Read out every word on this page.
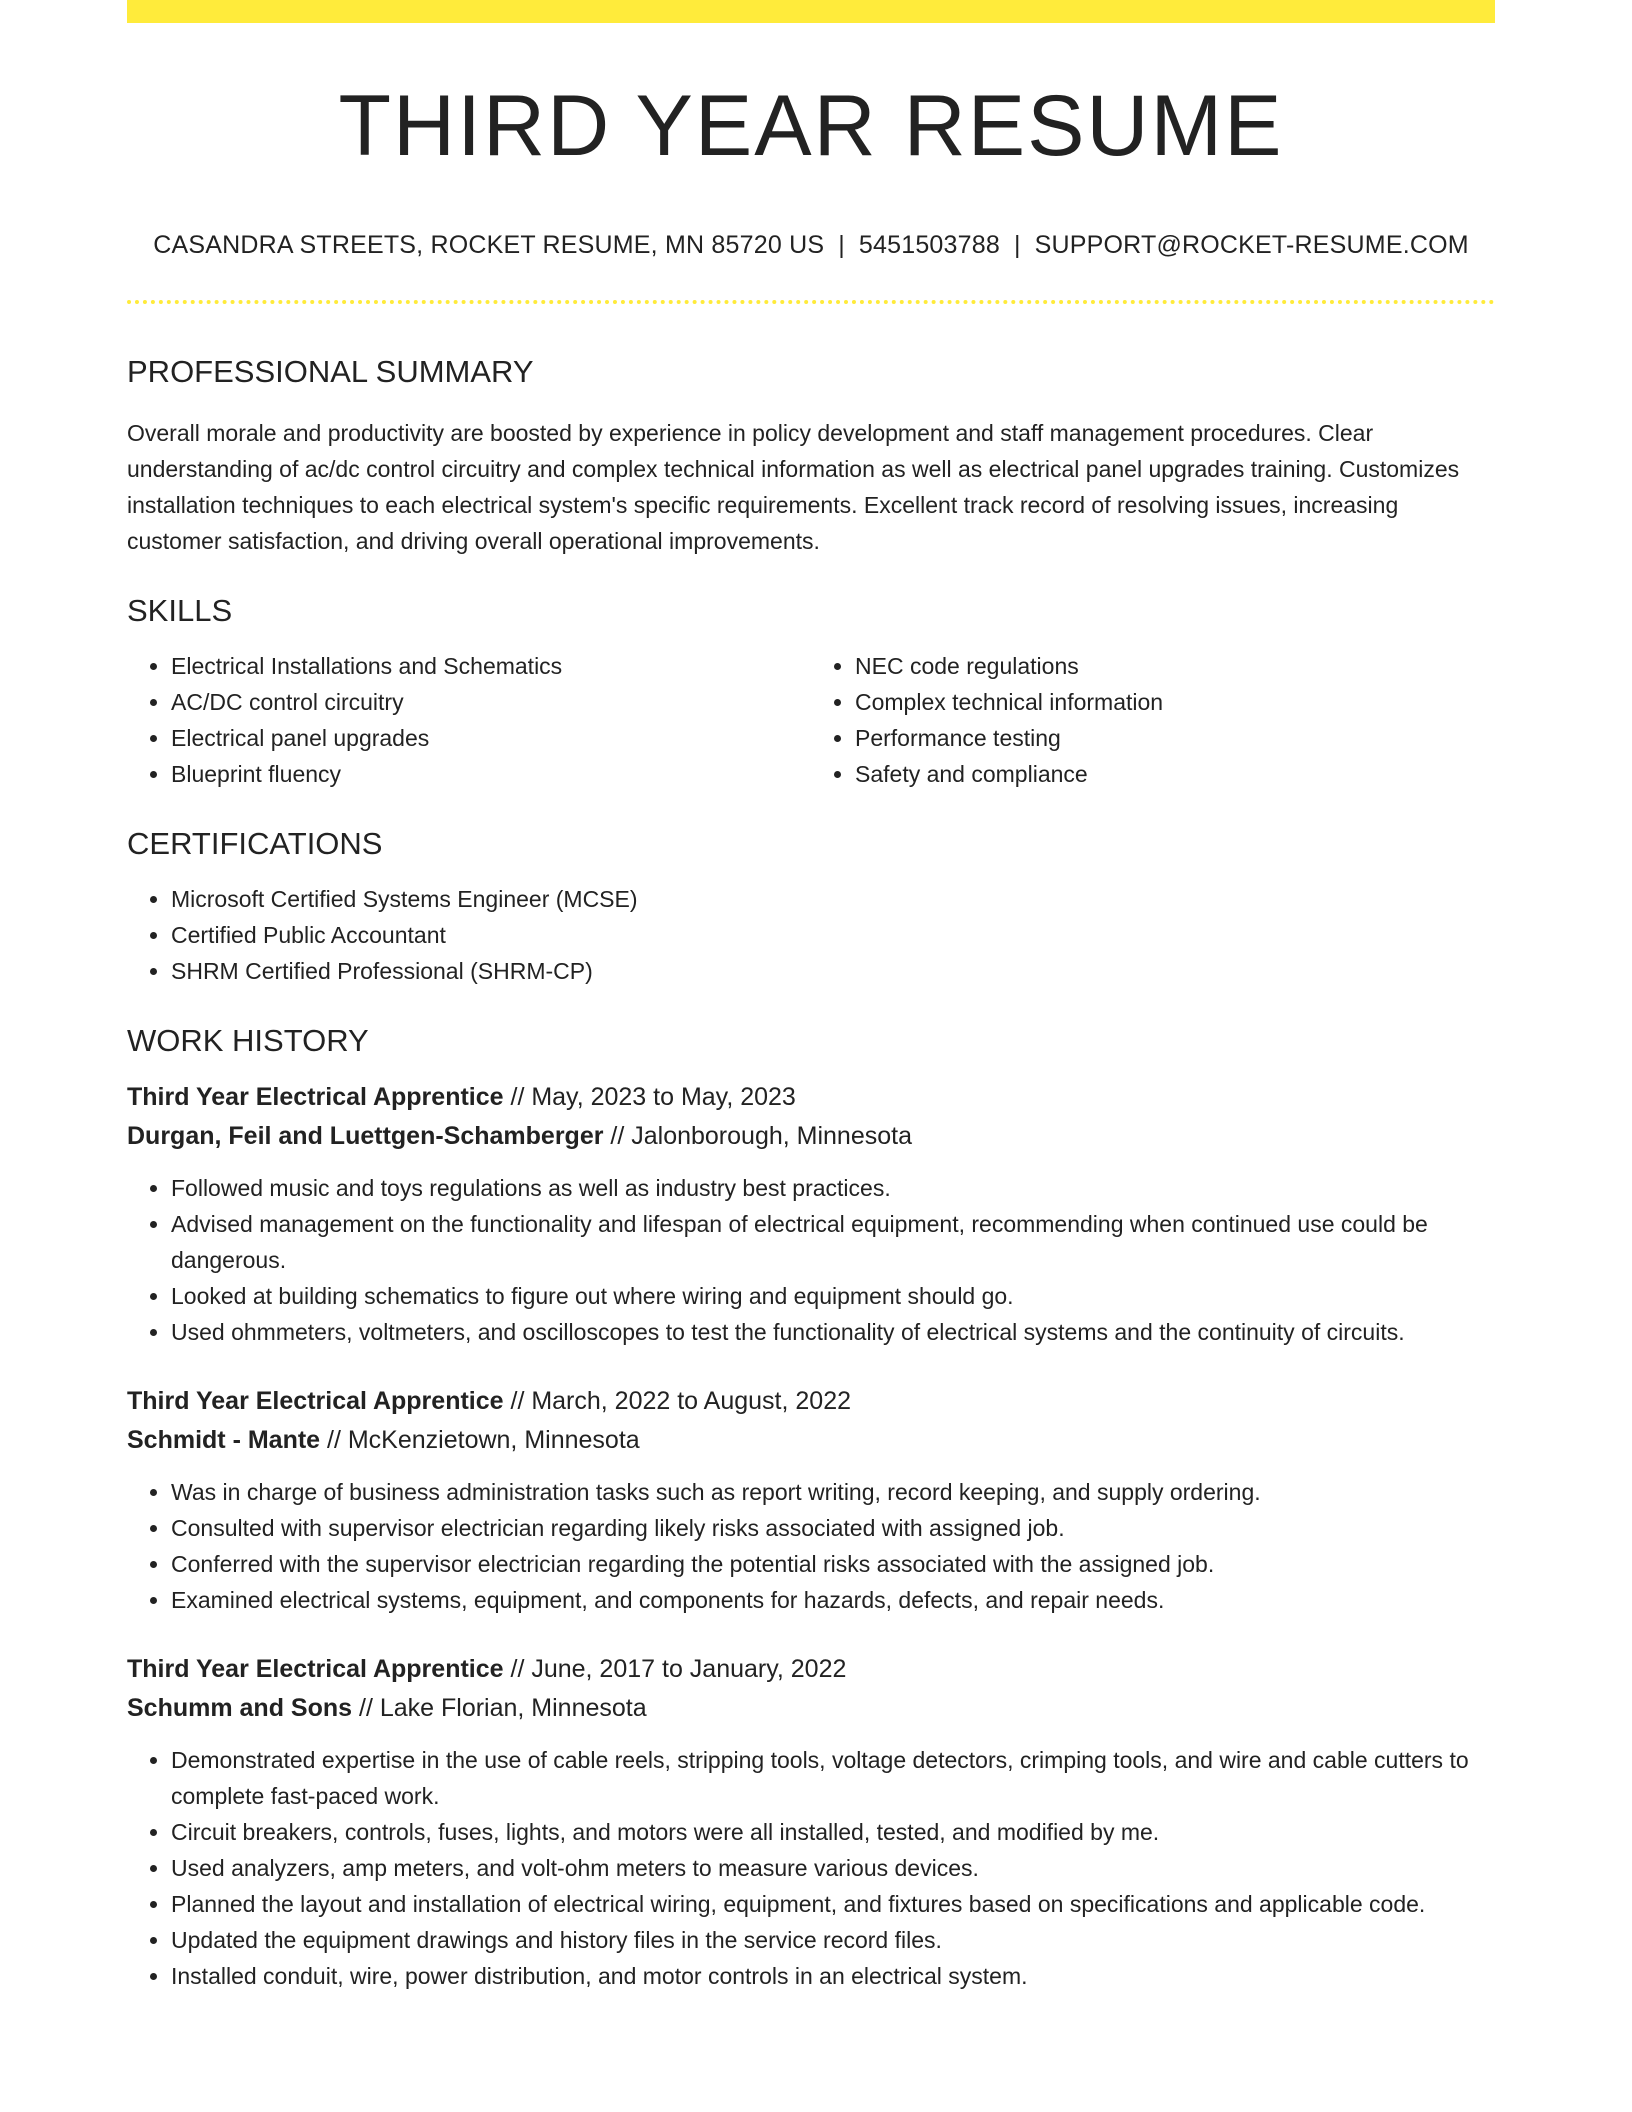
THIRD YEAR RESUME
CASANDRA STREETS, ROCKET RESUME, MN 85720 US | 5451503788 | SUPPORT@ROCKET-RESUME.COM
PROFESSIONAL SUMMARY

Overall morale and productivity are boosted by experience in policy development and staff management procedures. Clear understanding of ac/dc control circuitry and complex technical information as well as electrical panel upgrades training. Customizes installation techniques to each electrical system's specific requirements. Excellent track record of resolving issues, increasing customer satisfaction, and driving overall operational improvements.

SKILLS
• Electrical Installations and Schematics
• AC/DC control circuitry
• Electrical panel upgrades
• Blueprint fluency
• NEC code regulations
• Complex technical information
• Performance testing
• Safety and compliance
CERTIFICATIONS
• Microsoft Certified Systems Engineer (MCSE)
• Certified Public Accountant
• SHRM Certified Professional (SHRM-CP)
WORK HISTORY
Third Year Electrical Apprentice // May, 2023 to May, 2023
Durgan, Feil and Luettgen-Schamberger // Jalonborough, Minnesota
• Followed music and toys regulations as well as industry best practices.
• Advised management on the functionality and lifespan of electrical equipment, recommending when continued use could be dangerous.
• Looked at building schematics to figure out where wiring and equipment should go.
• Used ohmmeters, voltmeters, and oscilloscopes to test the functionality of electrical systems and the continuity of circuits.
Third Year Electrical Apprentice // March, 2022 to August, 2022
Schmidt - Mante // McKenzietown, Minnesota
• Was in charge of business administration tasks such as report writing, record keeping, and supply ordering.
• Consulted with supervisor electrician regarding likely risks associated with assigned job.
• Conferred with the supervisor electrician regarding the potential risks associated with the assigned job.
• Examined electrical systems, equipment, and components for hazards, defects, and repair needs.
Third Year Electrical Apprentice // June, 2017 to January, 2022
Schumm and Sons // Lake Florian, Minnesota
• Demonstrated expertise in the use of cable reels, stripping tools, voltage detectors, crimping tools, and wire and cable cutters to complete fast-paced work.
• Circuit breakers, controls, fuses, lights, and motors were all installed, tested, and modified by me.
• Used analyzers, amp meters, and volt-ohm meters to measure various devices.
• Planned the layout and installation of electrical wiring, equipment, and fixtures based on specifications and applicable code.
• Updated the equipment drawings and history files in the service record files.
• Installed conduit, wire, power distribution, and motor controls in an electrical system.
